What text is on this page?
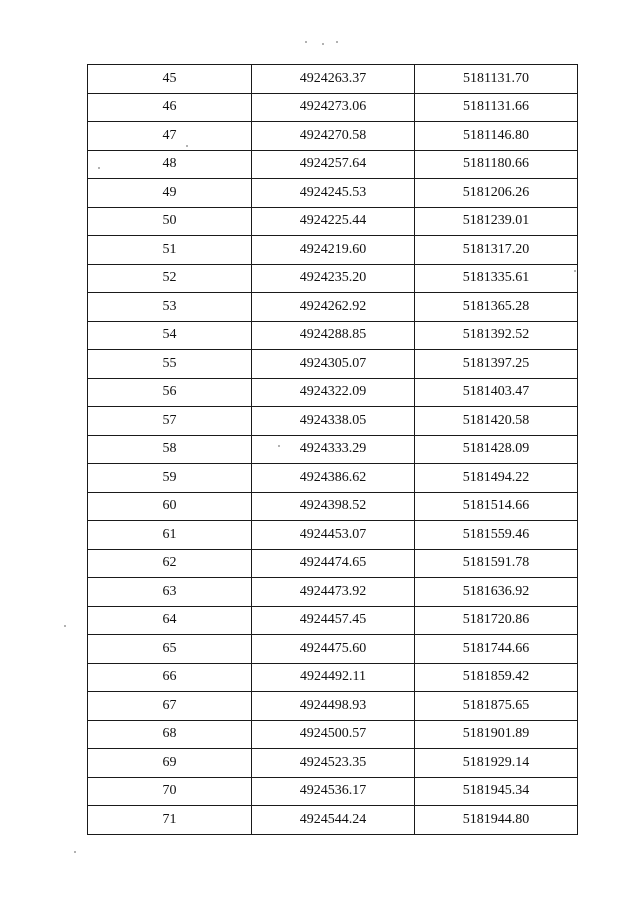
45	4924263.37	5181131.70
46	4924273.06	5181131.66
47	4924270.58	5181146.80
48	4924257.64	5181180.66
49	4924245.53	5181206.26
50	4924225.44	5181239.01
51	4924219.60	5181317.20
52	4924235.20	5181335.61
53	4924262.92	5181365.28
54	4924288.85	5181392.52
55	4924305.07	5181397.25
56	4924322.09	5181403.47
57	4924338.05	5181420.58
58	4924333.29	5181428.09
59	4924386.62	5181494.22
60	4924398.52	5181514.66
61	4924453.07	5181559.46
62	4924474.65	5181591.78
63	4924473.92	5181636.92
64	4924457.45	5181720.86
65	4924475.60	5181744.66
66	4924492.11	5181859.42
67	4924498.93	5181875.65
68	4924500.57	5181901.89
69	4924523.35	5181929.14
70	4924536.17	5181945.34
71	4924544.24	5181944.80
